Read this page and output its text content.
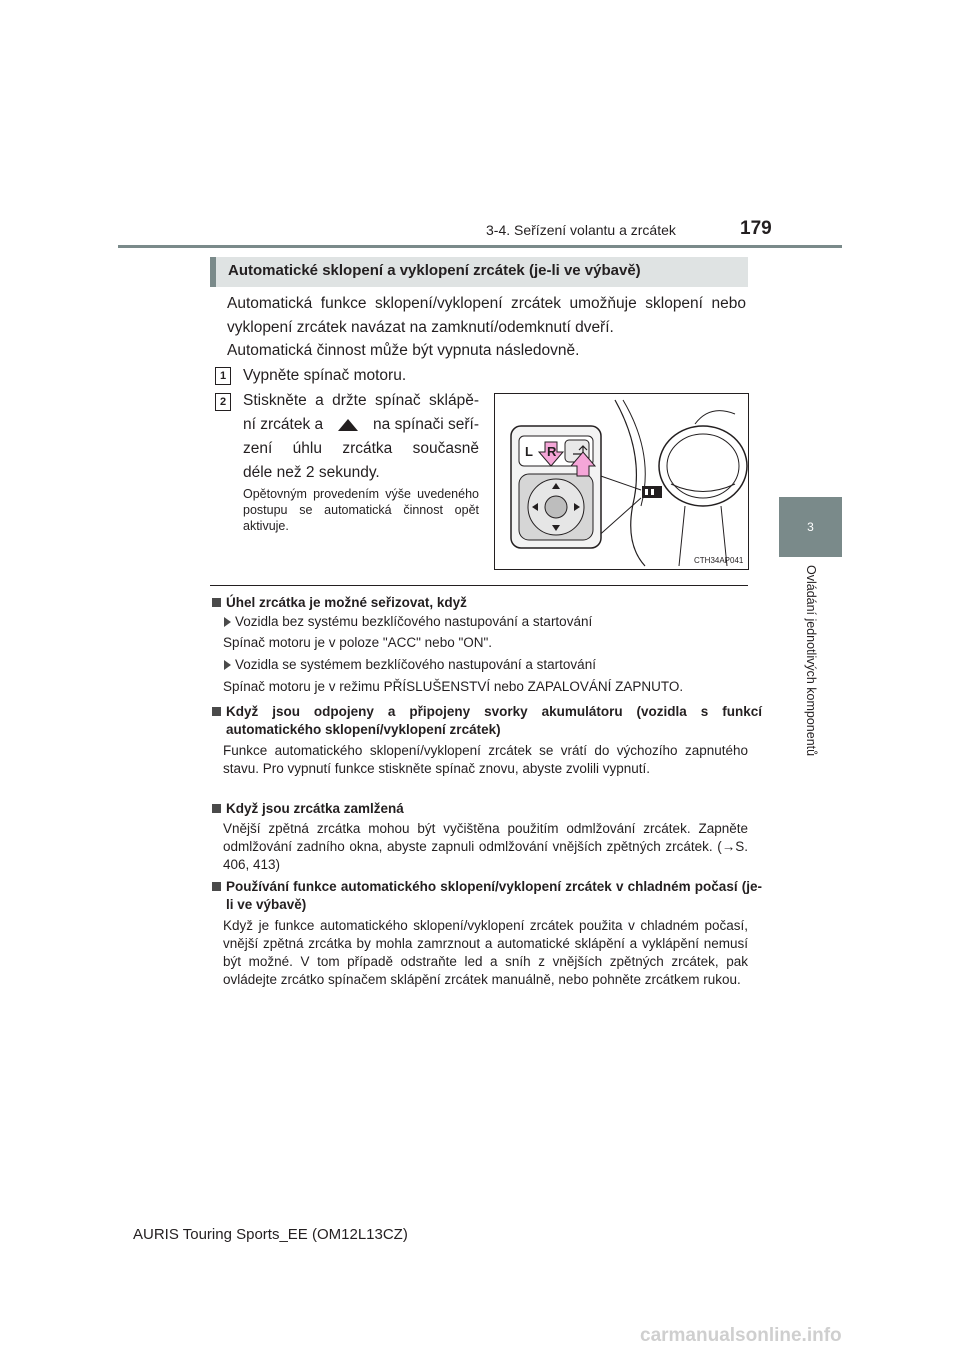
3-4. Seřízení volantu a zrcátek	179
3
Ovládání jednotlivých komponentů
Automatické sklopení a vyklopení zrcátek (je-li ve výbavě)
Automatická funkce sklopení/vyklopení zrcátek umožňuje sklopení nebo vyklopení zrcátek navázat na zamknutí/odemknutí dveří.
Automatická činnost může být vypnuta následovně.
1	Vypněte spínač motoru.
2	Stiskněte a držte spínač sklápě-
ní zrcátek a	na spínači seří-
zení úhlu zrcátka současně
déle než 2 sekundy.
Opětovným provedením výše uvedeného postupu se automatická činnost opět aktivuje.
L R
CTH34AP041
Úhel zrcátka je možné seřizovat, když
Vozidla bez systému bezklíčového nastupování a startování
Spínač motoru je v poloze "ACC" nebo "ON".
Vozidla se systémem bezklíčového nastupování a startování
Spínač motoru je v režimu PŘÍSLUŠENSTVÍ nebo ZAPALOVÁNÍ ZAPNUTO.
Když jsou odpojeny a připojeny svorky akumulátoru (vozidla s funkcí automatického sklopení/vyklopení zrcátek)
Funkce automatického sklopení/vyklopení zrcátek se vrátí do výchozího zapnutého stavu. Pro vypnutí funkce stiskněte spínač znovu, abyste zvolili vypnutí.
Když jsou zrcátka zamlžená
Vnější zpětná zrcátka mohou být vyčištěna použitím odmlžování zrcátek. Zapněte odmlžování zadního okna, abyste zapnuli odmlžování vnějších zpětných zrcátek. (→S. 406, 413)
Používání funkce automatického sklopení/vyklopení zrcátek v chladném počasí (je-li ve výbavě)
Když je funkce automatického sklopení/vyklopení zrcátek použita v chladném počasí, vnější zpětná zrcátka by mohla zamrznout a automatické sklápění a vyklápění nemusí být možné. V tom případě odstraňte led a sníh z vnějších zpětných zrcátek, pak ovládejte zrcátko spínačem sklápění zrcátek manuálně, nebo pohněte zrcátkem rukou.
AURIS Touring Sports_EE (OM12L13CZ)
carmanualsonline.info
